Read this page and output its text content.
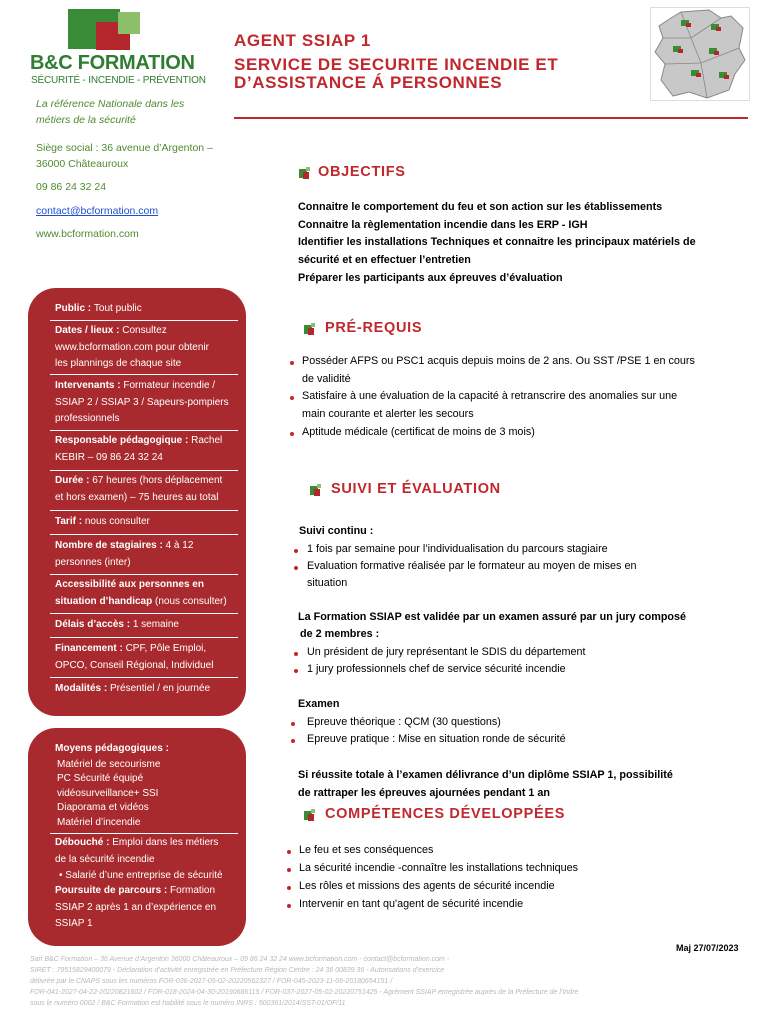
B&C FORMATION
SÉCURITÉ - INCENDIE - PRÉVENTION
La référence Nationale dans les métiers de la sécurité
Siège social : 36 avenue d’Argenton –
36000 Châteauroux
09 86 24 32 24
contact@bcformation.com
www.bcformation.com
AGENT SSIAP 1
SERVICE DE SECURITE INCENDIE ET
D’ASSISTANCE Á PERSONNES
OBJECTIFS
Connaitre le comportement du feu et son action sur les établissements
Connaitre la règlementation incendie dans les ERP - IGH
Identifier les installations Techniques et connaitre les principaux matériels de
sécurité et en effectuer l’entretien
Préparer les participants aux épreuves d’évaluation
PRÉ-REQUIS
Posséder AFPS ou PSC1 acquis depuis moins de 2 ans. Ou SST /PSE 1 en cours
de validité
Satisfaire à une évaluation de la capacité à retranscrire des anomalies sur une
main courante et alerter les secours
Aptitude médicale (certificat de moins de 3 mois)
SUIVI ET ÉVALUATION
Suivi continu :
1 fois par semaine pour l’individualisation du parcours stagiaire
Evaluation formative réalisée par le formateur au moyen de mises en
situation
La Formation SSIAP est validée par un examen assuré par un jury composé
de 2 membres :
Un président de jury représentant le SDIS du département
1 jury professionnels chef de service sécurité incendie
Examen
Epreuve théorique : QCM (30 questions)
Epreuve pratique : Mise en situation ronde de sécurité
Si réussite totale à l’examen délivrance d’un diplôme SSIAP 1, possibilité
de rattraper les épreuves ajournées pendant 1 an
COMPÉTENCES DÉVELOPPÉES
Le feu et ses conséquences
La sécurité incendie -connaître les installations techniques
Les rôles et missions des agents de sécurité incendie
Intervenir en tant qu'agent de sécurité incendie
Public : Tout public
Dates / lieux : Consultez
www.bcformation.com pour obtenir
les plannings de chaque site
Intervenants : Formateur incendie /
SSIAP 2 / SSIAP 3 / Sapeurs-pompiers
professionnels
Responsable pédagogique : Rachel
KEBIR – 09 86 24 32 24
Durée : 67 heures (hors déplacement
et hors examen) – 75 heures au total
Tarif : nous consulter
Nombre de stagiaires : 4 à 12
personnes (inter)
Accessibilité aux personnes en
situation d’handicap (nous consulter)
Délais d’accès : 1 semaine
Financement : CPF, Pôle Emploi,
OPCO, Conseil Régional, Individuel
Modalités : Présentiel / en journée
Moyens pédagogiques :

Matériel de secourisme
PC Sécurité équipé
vidéosurveillance+ SSI
Diaporama et vidéos
Matériel d’incendie
Débouché : Emploi dans les métiers
de la sécurité incendie
• Salarié d’une entreprise de sécurité
Poursuite de parcours : Formation
SSIAP 2 après 1 an d’expérience en
SSIAP 1
Maj 27/07/2023
Sarl B&C Formation – 36 Avenue d’Argenton 36000 Châteauroux – 09 86 24 32 24 www.bcformation.com - contact@bcformation.com -
SIRET : 79515829400079 - Déclaration d’activité enregistrée en Préfecture Région Centre : 24 36 00839 36 - Autorisations d’exercice
délivrée par le CNAPS sous les numéros FOR-036-2027-05-02-20220562327 / FOR-045-2023-11-06-20180654151 /
FOR-041-2027-04-22-20220821602 / FOR-018-2024-04-30-20190686115 / FOR-037-2027-05-02-20220751425 - Agrément SSIAP enregistrée auprès de la Préfecture de l’Indre
sous le numéro 0002 / B&C Formation est habilité sous le numéro INRS : 500361/2014/SST-01/OF/11
